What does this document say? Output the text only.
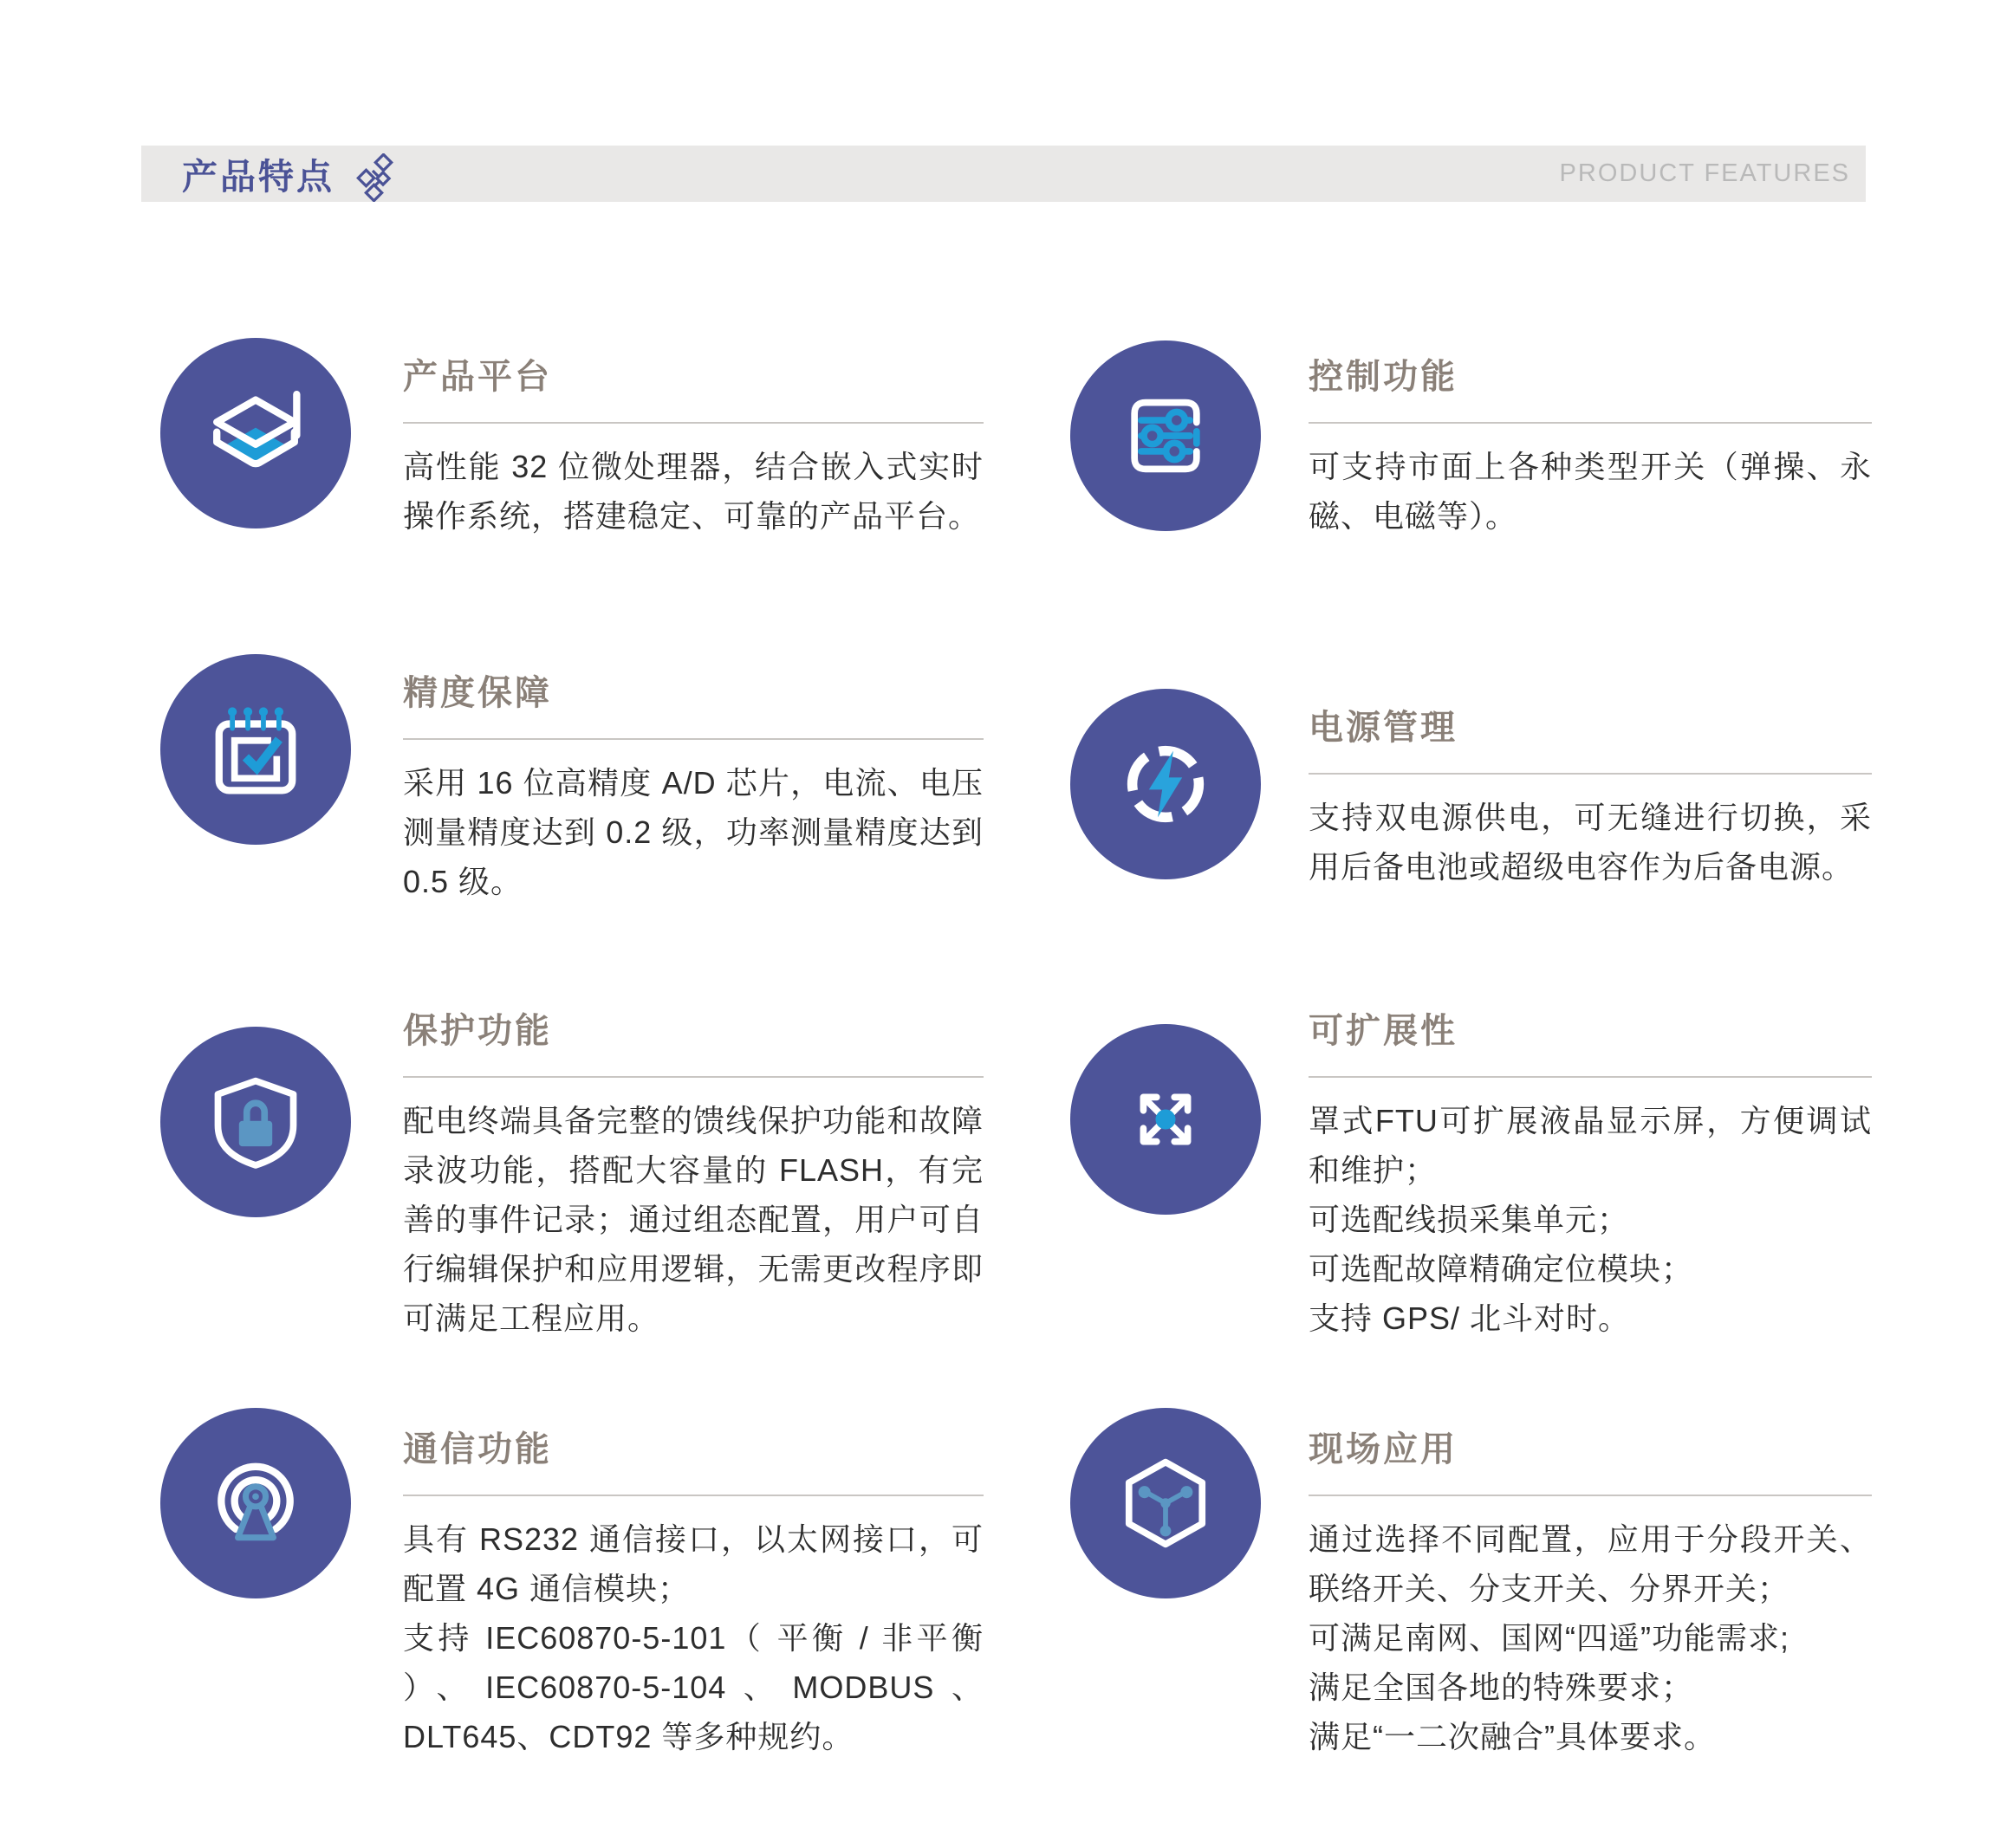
产品特点	PRODUCT FEATURES
产品平台

高性能 32 位微处理器，结合嵌入式实时操作系统，搭建稳定、可靠的产品平台。

控制功能

可支持市面上各种类型开关（弹操、永磁、电磁等）。

精度保障

采用 16 位高精度 A/D 芯片，电流、电压测量精度达到 0.2 级，功率测量精度达到 0.5 级。

电源管理

支持双电源供电，可无缝进行切换，采用后备电池或超级电容作为后备电源。

保护功能

配电终端具备完整的馈线保护功能和故障录波功能，搭配大容量的 FLASH，有完善的事件记录；通过组态配置，用户可自行编辑保护和应用逻辑，无需更改程序即可满足工程应用。

可扩展性

罩式FTU可扩展液晶显示屏，方便调试和维护；

可选配线损采集单元；

可选配故障精确定位模块；

支持 GPS/ 北斗对时。

通信功能

具有 RS232 通信接口，以太网接口，可配置 4G 通信模块；

支持 IEC60870-5-101（ 平衡 / 非平衡 ）、IEC60870-5-104、MODBUS、DLT645、CDT92 等多种规约。

现场应用

通过选择不同配置，应用于分段开关、联络开关、分支开关、分界开关；

可满足南网、国网“四遥”功能需求;

满足全国各地的特殊要求；

满足“一二次融合”具体要求。
